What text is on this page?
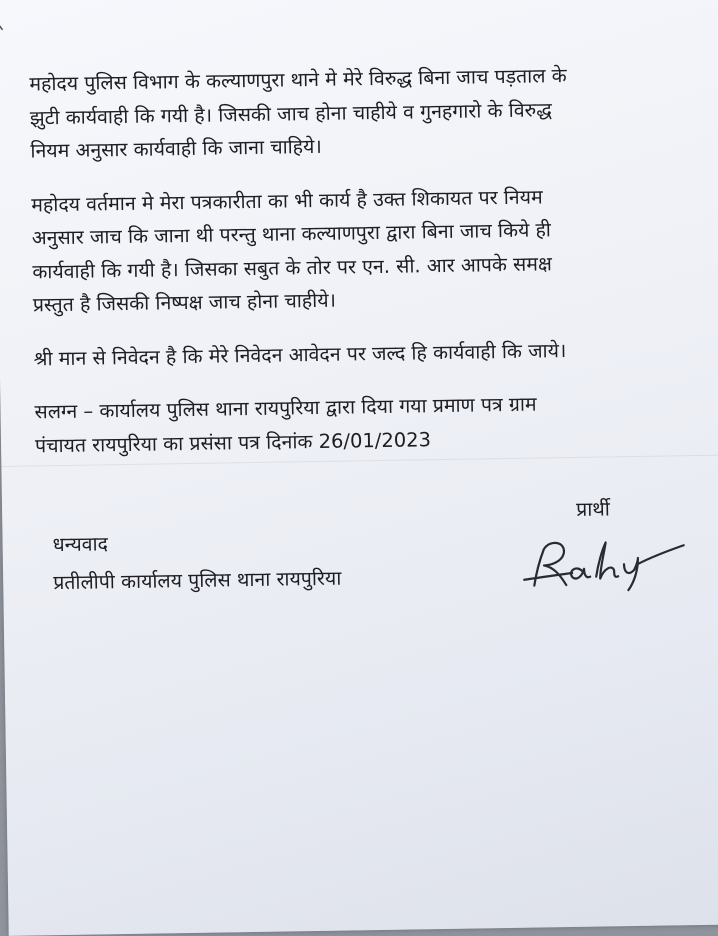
महोदय पुलिस विभाग के कल्याणपुरा थाने मे मेरे विरुद्ध बिना जाच पड़ताल के
झुटी कार्यवाही कि गयी है। जिसकी जाच होना चाहीये व गुनहगारो के विरुद्ध
नियम अनुसार कार्यवाही कि जाना चाहिये।
महोदय वर्तमान मे मेरा पत्रकारीता का भी कार्य है उक्त शिकायत पर नियम
अनुसार जाच कि जाना थी परन्तु थाना कल्याणपुरा द्वारा बिना जाच किये ही
कार्यवाही कि गयी है। जिसका सबुत के तोर पर एन. सी. आर आपके समक्ष
प्रस्तुत है जिसकी निष्पक्ष जाच होना चाहीये।
श्री मान से निवेदन है कि मेरे निवेदन आवेदन पर जल्द हि कार्यवाही कि जाये।
सलग्न – कार्यालय पुलिस थाना रायपुरिया द्वारा दिया गया प्रमाण पत्र ग्राम
पंचायत रायपुरिया का प्रसंसा पत्र दिनांक 26/01/2023
धन्यवाद
प्रतीलीपी कार्यालय पुलिस थाना रायपुरिया
प्रार्थी
